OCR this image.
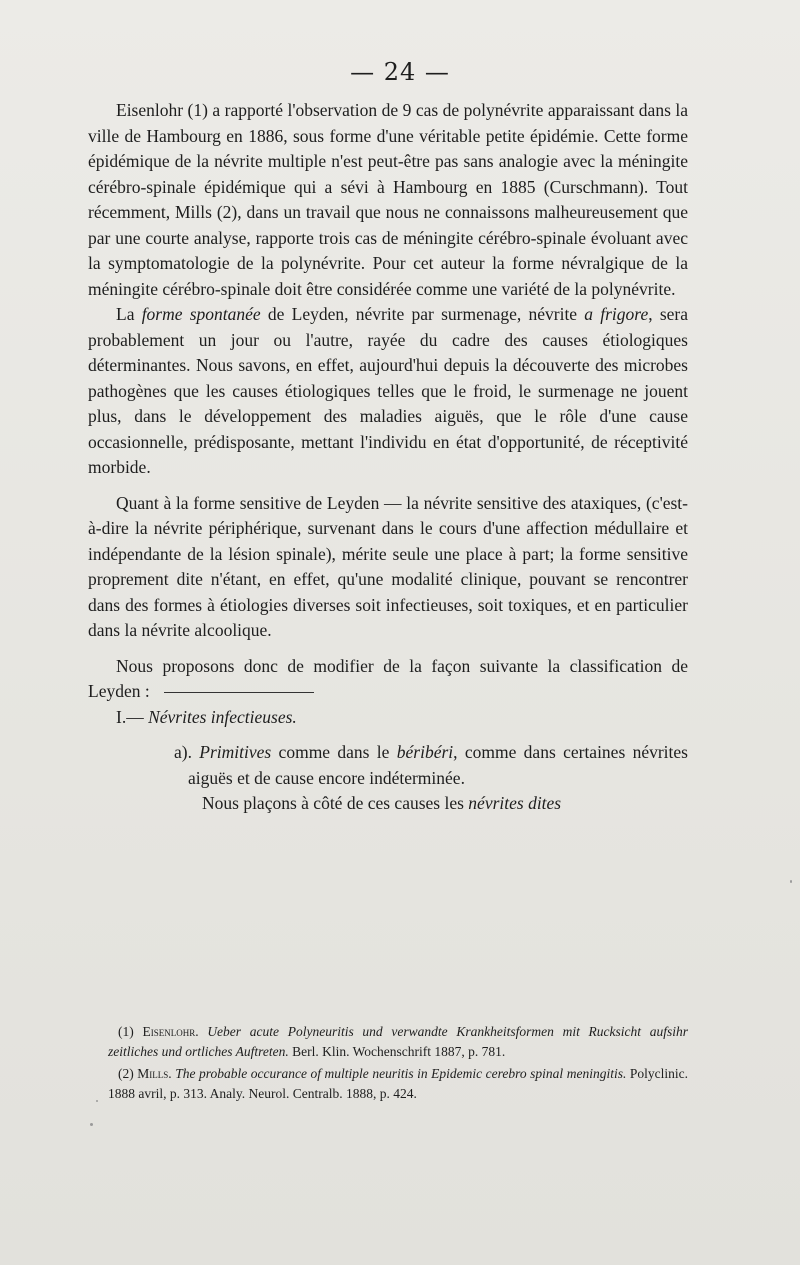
— 24 —

Eisenlohr (1) a rapporté l'observation de 9 cas de polynévrite apparaissant dans la ville de Hambourg en 1886, sous forme d'une véritable petite épidémie. Cette forme épidémique de la névrite multiple n'est peut-être pas sans analogie avec la méningite cérébro-spinale épidémique qui a sévi à Hambourg en 1885 (Curschmann). Tout récemment, Mills (2), dans un travail que nous ne connaissons malheureusement que par une courte analyse, rapporte trois cas de méningite cérébro-spinale évoluant avec la symptomatologie de la polynévrite. Pour cet auteur la forme névralgique de la méningite cérébro-spinale doit être considérée comme une variété de la polynévrite.

La forme spontanée de Leyden, névrite par surmenage, névrite a frigore, sera probablement un jour ou l'autre, rayée du cadre des causes étiologiques déterminantes. Nous savons, en effet, aujourd'hui depuis la découverte des microbes pathogènes que les causes étiologiques telles que le froid, le surmenage ne jouent plus, dans le développement des maladies aiguës, que le rôle d'une cause occasionnelle, prédisposante, mettant l'individu en état d'opportunité, de réceptivité morbide.

Quant à la forme sensitive de Leyden — la névrite sensitive des ataxiques, (c'est-à-dire la névrite périphérique, survenant dans le cours d'une affection médullaire et indépendante de la lésion spinale), mérite seule une place à part; la forme sensitive proprement dite n'étant, en effet, qu'une modalité clinique, pouvant se rencontrer dans des formes à étiologies diverses soit infectieuses, soit toxiques, et en particulier dans la névrite alcoolique.

Nous proposons donc de modifier de la façon suivante la classification de Leyden :

I.— Névrites infectieuses.

a). Primitives comme dans le béribéri, comme dans certaines névrites aiguës et de cause encore indéterminée.

Nous plaçons à côté de ces causes les névrites dites

(1) Eisenlohr. Ueber acute Polyneuritis und verwandte Krankheitsformen mit Rucksicht aufsihr zeitliches und ortliches Auftreten. Berl. Klin. Wochenschrift 1887, p. 781.

(2) Mills. The probable occurance of multiple neuritis in Epidemic cerebro spinal meningitis. Polyclinic. 1888 avril, p. 313. Analy. Neurol. Centralb. 1888, p. 424.
